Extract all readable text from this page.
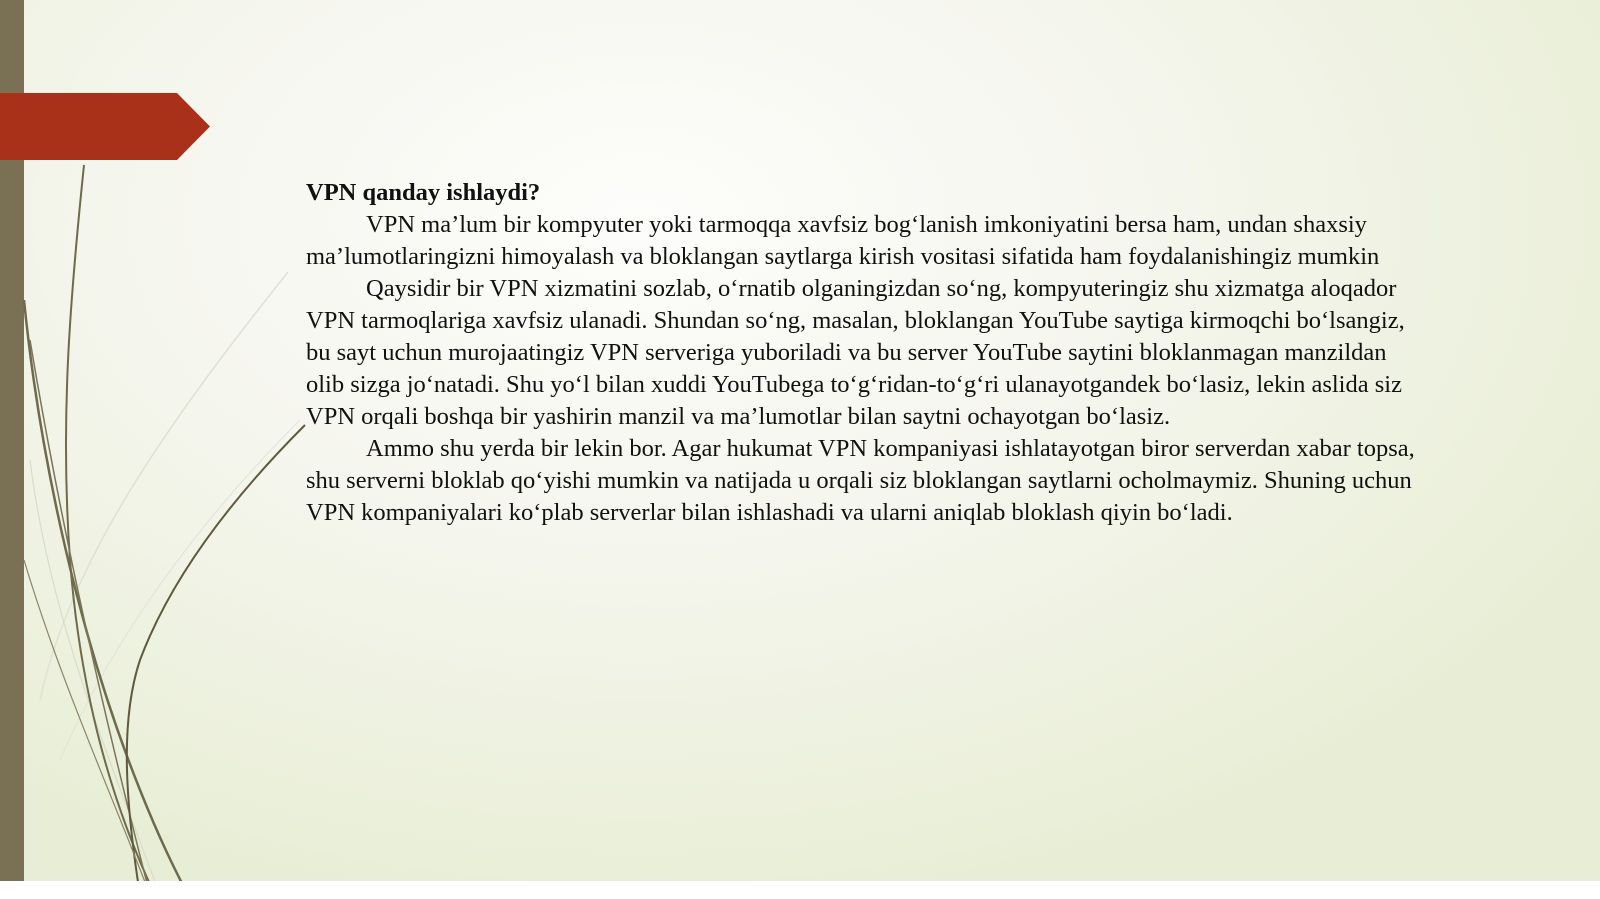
VPN qanday ishlaydi?

VPN ma’lum bir kompyuter yoki tarmoqqa xavfsiz bog‘lanish imkoniyatini bersa ham, undan shaxsiy ma’lumotlaringizni himoyalash va bloklangan saytlarga kirish vositasi sifatida ham foydalanishingiz mumkin

Qaysidir bir VPN xizmatini sozlab, o‘rnatib olganingizdan so‘ng, kompyuteringiz shu xizmatga aloqador VPN tarmoqlariga xavfsiz ulanadi. Shundan so‘ng, masalan, bloklangan YouTube saytiga kirmoqchi bo‘lsangiz, bu sayt uchun murojaatingiz VPN serveriga yuboriladi va bu server YouTube saytini bloklanmagan manzildan olib sizga jo‘natadi. Shu yo‘l bilan xuddi YouTubega to‘g‘ridan-to‘g‘ri ulanayotgandek bo‘lasiz, lekin aslida siz VPN orqali boshqa bir yashirin manzil va ma’lumotlar bilan saytni ochayotgan bo‘lasiz.

Ammo shu yerda bir lekin bor. Agar hukumat VPN kompaniyasi ishlatayotgan biror serverdan xabar topsa, shu serverni bloklab qo‘yishi mumkin va natijada u orqali siz bloklangan saytlarni ocholmaymiz. Shuning uchun VPN kompaniyalari ko‘plab serverlar bilan ishlashadi va ularni aniqlab bloklash qiyin bo‘ladi.
